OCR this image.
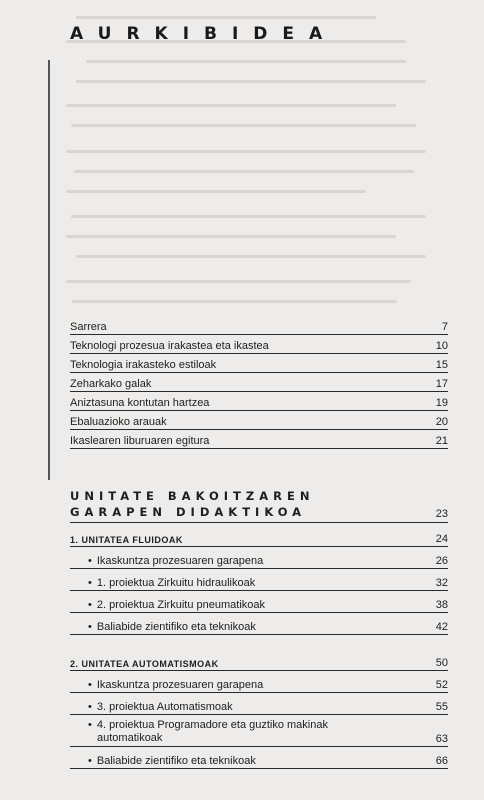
AURKIBIDEA
Sarrera	7
Teknologi prozesua irakastea eta ikastea	10
Teknologia irakasteko estiloak	15
Zeharkako galak	17
Aniztasuna kontutan hartzea	19
Ebaluazioko arauak	20
Ikaslearen liburuaren egitura	21
UNITATE BAKOITZAREN
GARAPEN DIDAKTIKOA	23
1. UNITATEA FLUIDOAK	24
• Ikaskuntza prozesuaren garapena	26
• 1. proiektua Zirkuitu hidraulikoak	32
• 2. proiektua Zirkuitu pneumatikoak	38
• Baliabide zientifiko eta teknikoak	42
2. UNITATEA AUTOMATISMOAK	50
• Ikaskuntza prozesuaren garapena	52
• 3. proiektua Automatismoak	55
• 4. proiektua Programadore eta guztiko makinak
automatikoak	63
• Baliabide zientifiko eta teknikoak	66
